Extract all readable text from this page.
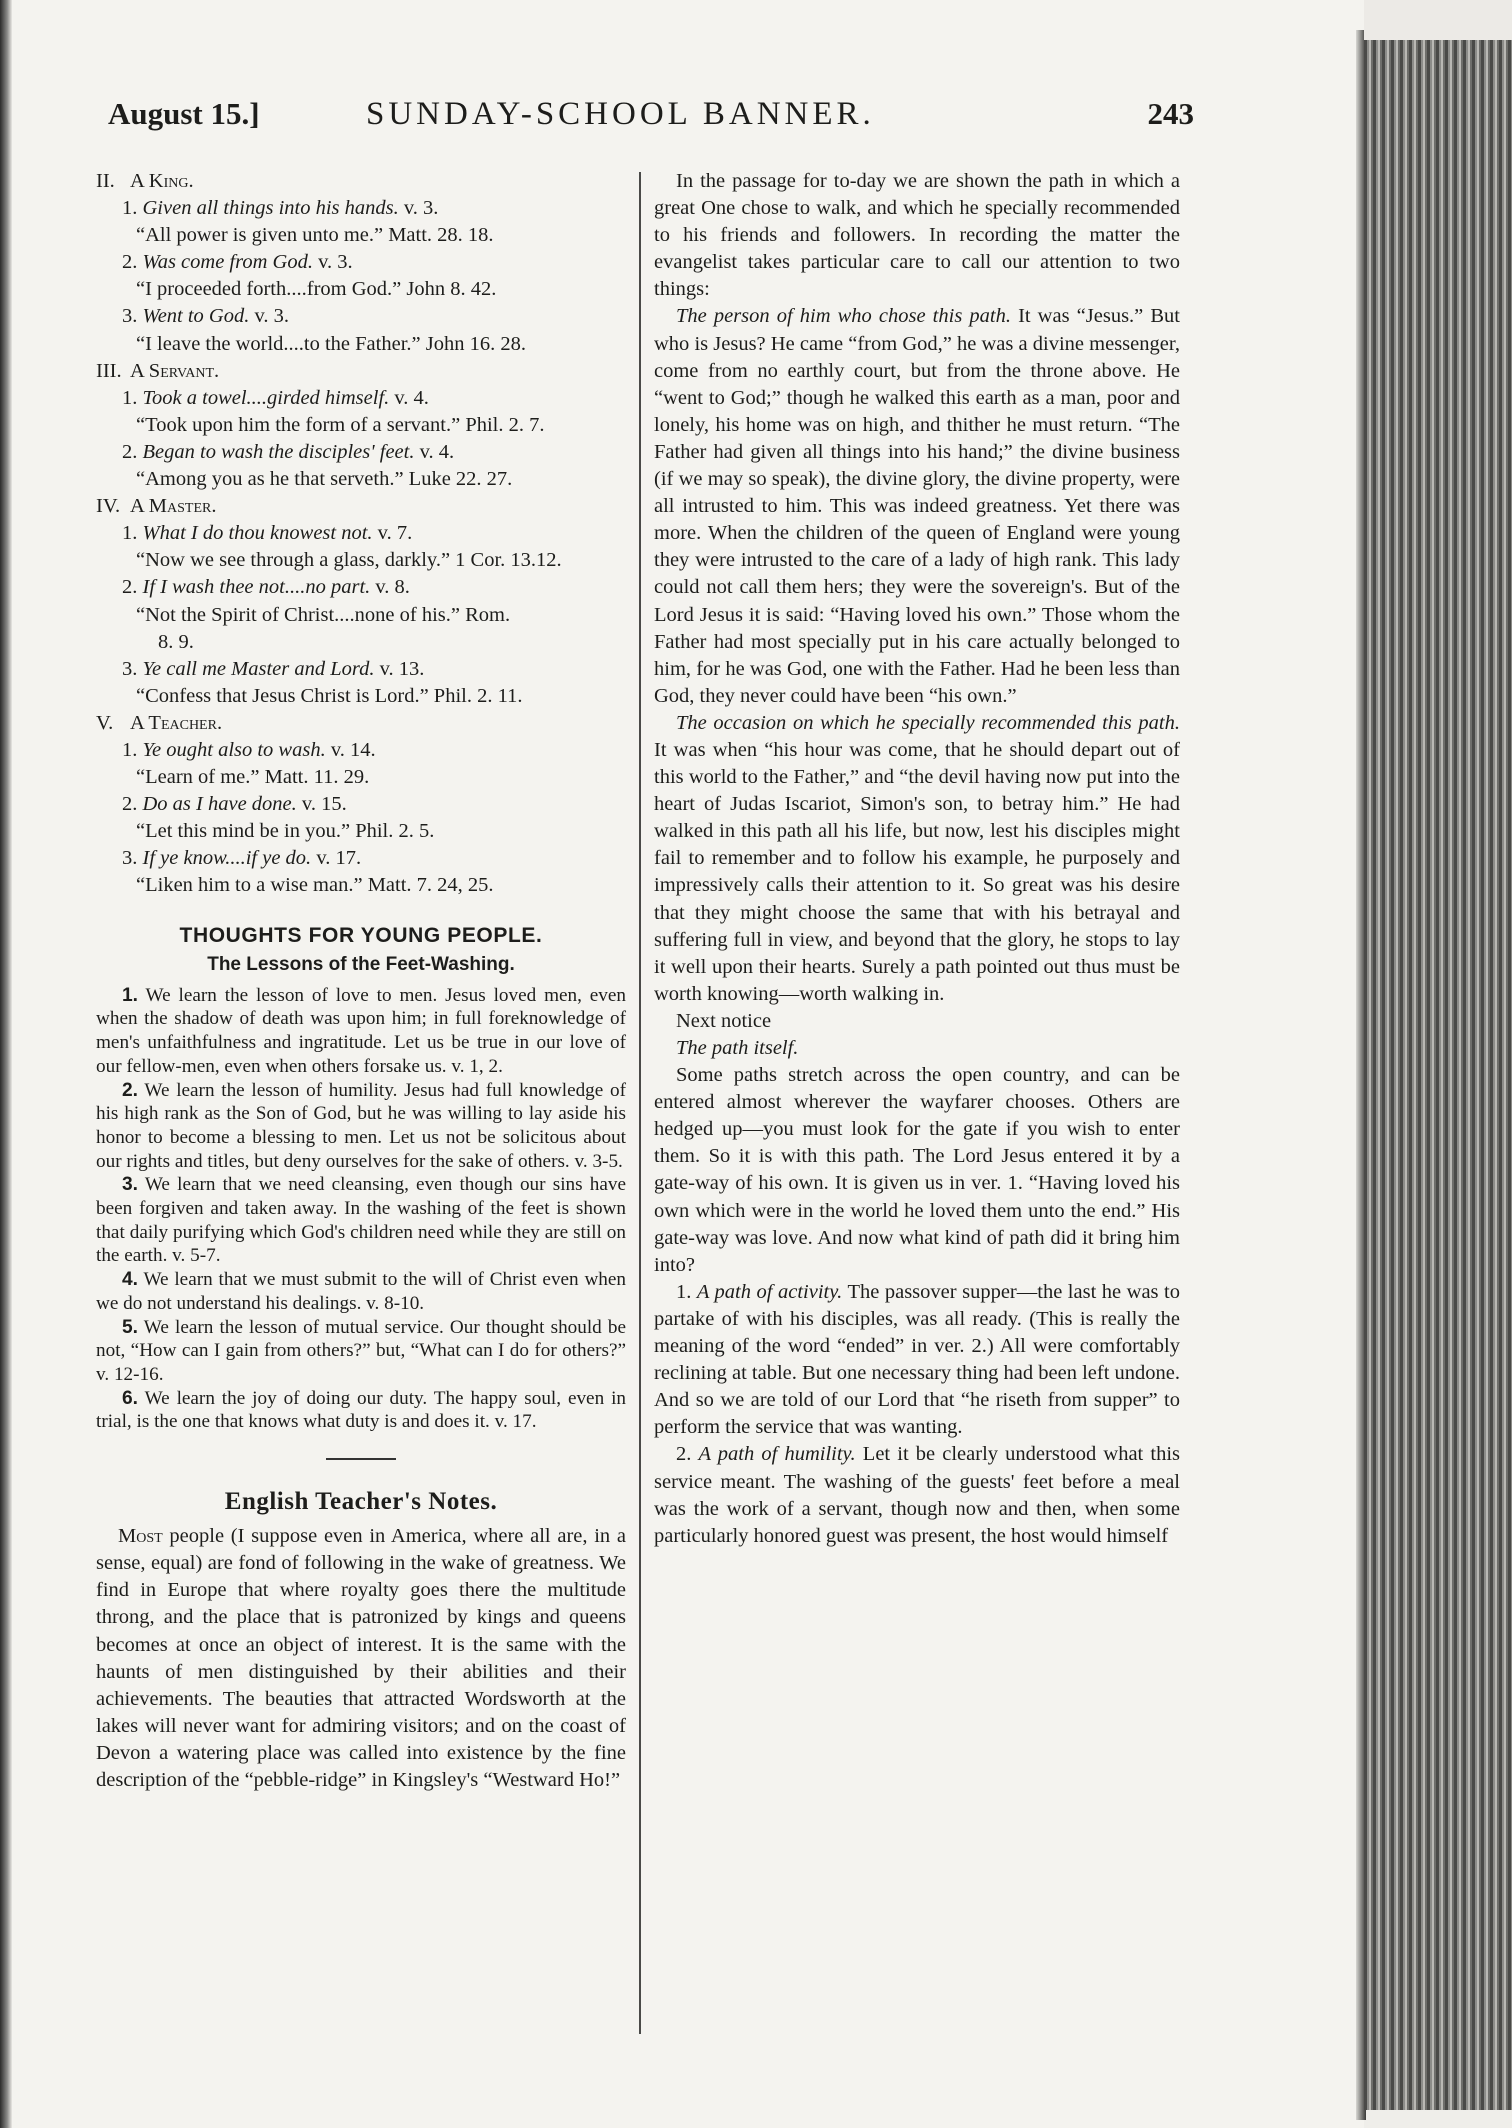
August 15.]	SUNDAY-SCHOOL BANNER.	243
II. A King.
1. Given all things into his hands. v. 3.
“All power is given unto me.” Matt. 28. 18.
2. Was come from God. v. 3.
“I proceeded forth....from God.” John 8. 42.
3. Went to God. v. 3.
“I leave the world....to the Father.” John 16. 28.
III. A Servant.
1. Took a towel....girded himself. v. 4.
“Took upon him the form of a servant.” Phil. 2. 7.
2. Began to wash the disciples' feet. v. 4.
“Among you as he that serveth.” Luke 22. 27.
IV. A Master.
1. What I do thou knowest not. v. 7.
“Now we see through a glass, darkly.” 1 Cor. 13.12.
2. If I wash thee not....no part. v. 8.
“Not the Spirit of Christ....none of his.” Rom.
8. 9.
3. Ye call me Master and Lord. v. 13.
“Confess that Jesus Christ is Lord.” Phil. 2. 11.
V. A Teacher.
1. Ye ought also to wash. v. 14.
“Learn of me.” Matt. 11. 29.
2. Do as I have done. v. 15.
“Let this mind be in you.” Phil. 2. 5.
3. If ye know....if ye do. v. 17.
“Liken him to a wise man.” Matt. 7. 24, 25.
THOUGHTS FOR YOUNG PEOPLE.
The Lessons of the Feet-Washing.

1. We learn the lesson of love to men. Jesus loved men, even when the shadow of death was upon him; in full foreknowledge of men's unfaithfulness and ingratitude. Let us be true in our love of our fellow-men, even when others forsake us. v. 1, 2.

2. We learn the lesson of humility. Jesus had full knowledge of his high rank as the Son of God, but he was willing to lay aside his honor to become a blessing to men. Let us not be solicitous about our rights and titles, but deny ourselves for the sake of others. v. 3-5.

3. We learn that we need cleansing, even though our sins have been forgiven and taken away. In the washing of the feet is shown that daily purifying which God's children need while they are still on the earth. v. 5-7.

4. We learn that we must submit to the will of Christ even when we do not understand his dealings. v. 8-10.

5. We learn the lesson of mutual service. Our thought should be not, “How can I gain from others?” but, “What can I do for others?” v. 12-16.

6. We learn the joy of doing our duty. The happy soul, even in trial, is the one that knows what duty is and does it. v. 17.

English Teacher's Notes.

Most people (I suppose even in America, where all are, in a sense, equal) are fond of following in the wake of greatness. We find in Europe that where royalty goes there the multitude throng, and the place that is patronized by kings and queens becomes at once an object of interest. It is the same with the haunts of men distinguished by their abilities and their achievements. The beauties that attracted Wordsworth at the lakes will never want for admiring visitors; and on the coast of Devon a watering place was called into existence by the fine description of the “pebble-ridge” in Kingsley's “Westward Ho!”

In the passage for to-day we are shown the path in which a great One chose to walk, and which he specially recommended to his friends and followers. In recording the matter the evangelist takes particular care to call our attention to two things:

The person of him who chose this path. It was “Jesus.” But who is Jesus? He came “from God,” he was a divine messenger, come from no earthly court, but from the throne above. He “went to God;” though he walked this earth as a man, poor and lonely, his home was on high, and thither he must return. “The Father had given all things into his hand;” the divine business (if we may so speak), the divine glory, the divine property, were all intrusted to him. This was indeed greatness. Yet there was more. When the children of the queen of England were young they were intrusted to the care of a lady of high rank. This lady could not call them hers; they were the sovereign's. But of the Lord Jesus it is said: “Having loved his own.” Those whom the Father had most specially put in his care actually belonged to him, for he was God, one with the Father. Had he been less than God, they never could have been “his own.”

The occasion on which he specially recommended this path. It was when “his hour was come, that he should depart out of this world to the Father,” and “the devil having now put into the heart of Judas Iscariot, Simon's son, to betray him.” He had walked in this path all his life, but now, lest his disciples might fail to remember and to follow his example, he purposely and impressively calls their attention to it. So great was his desire that they might choose the same that with his betrayal and suffering full in view, and beyond that the glory, he stops to lay it well upon their hearts. Surely a path pointed out thus must be worth knowing—worth walking in.

Next notice

The path itself.

Some paths stretch across the open country, and can be entered almost wherever the wayfarer chooses. Others are hedged up—you must look for the gate if you wish to enter them. So it is with this path. The Lord Jesus entered it by a gate-way of his own. It is given us in ver. 1. “Having loved his own which were in the world he loved them unto the end.” His gate-way was love. And now what kind of path did it bring him into?

1. A path of activity. The passover supper—the last he was to partake of with his disciples, was all ready. (This is really the meaning of the word “ended” in ver. 2.) All were comfortably reclining at table. But one necessary thing had been left undone. And so we are told of our Lord that “he riseth from supper” to perform the service that was wanting.

2. A path of humility. Let it be clearly understood what this service meant. The washing of the guests' feet before a meal was the work of a servant, though now and then, when some particularly honored guest was present, the host would himself
